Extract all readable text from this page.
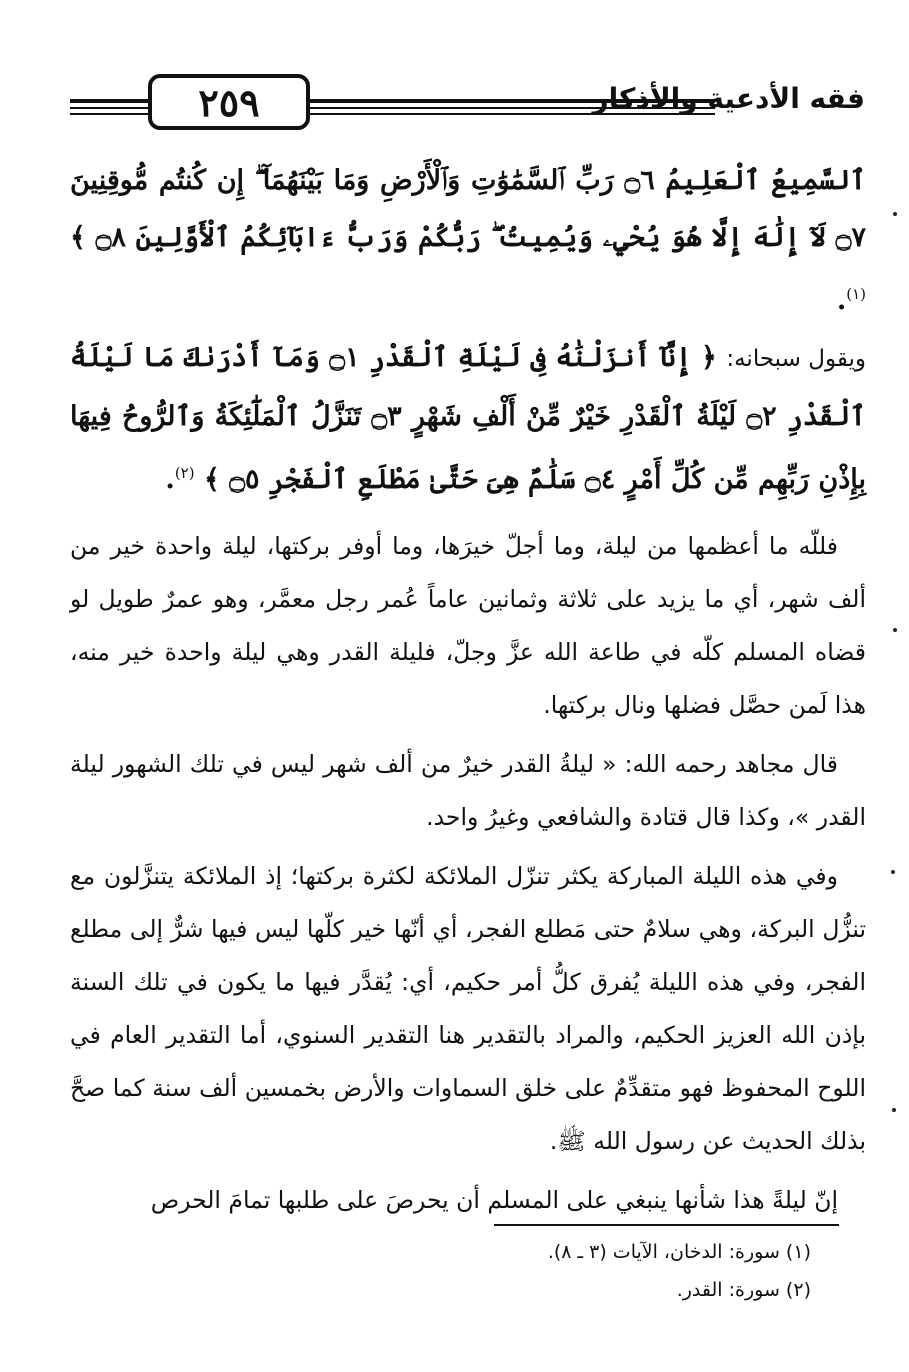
٢٥٩	فقه الأدعية والأذكار

ٱلسَّمِيعُ ٱلْعَلِيمُ ۝٦ رَبِّ ٱلسَّمَٰوَٰتِ وَٱلْأَرْضِ وَمَا بَيْنَهُمَآ ۖ إِن كُنتُم مُّوقِنِينَ ۝٧ لَآ إِلَٰهَ إِلَّا هُوَ يُحْيِۦ وَيُمِيتُ ۖ رَبُّكُمْ وَرَبُّ ءَابَآئِكُمُ ٱلْأَوَّلِينَ ۝٨ ﴾ $^{(١)}$.

ويقول سبحانه: ﴿ إِنَّآ أَنزَلْنَٰهُ فِى لَيْلَةِ ٱلْقَدْرِ ۝١ وَمَآ أَدْرَىٰكَ مَا لَيْلَةُ ٱلْقَدْرِ ۝٢ لَيْلَةُ ٱلْقَدْرِ خَيْرٌ مِّنْ أَلْفِ شَهْرٍ ۝٣ تَنَزَّلُ ٱلْمَلَٰٓئِكَةُ وَٱلرُّوحُ فِيهَا بِإِذْنِ رَبِّهِم مِّن كُلِّ أَمْرٍ ۝٤ سَلَٰمٌ هِىَ حَتَّىٰ مَطْلَعِ ٱلْفَجْرِ ۝٥ ﴾ $^{(٢)}$.

فللّه ما أعظمها من ليلة، وما أجلّ خيرَها، وما أوفر بركتها، ليلة واحدة خير من ألف شهر، أي ما يزيد على ثلاثة وثمانين عاماً عُمر رجل معمَّر، وهو عمرٌ طويل لو قضاه المسلم كلّه في طاعة الله عزَّ وجلّ، فليلة القدر وهي ليلة واحدة خير منه، هذا لَمن حصَّل فضلها ونال بركتها.

قال مجاهد رحمه الله: « ليلةُ القدر خيرٌ من ألف شهر ليس في تلك الشهور ليلة القدر »، وكذا قال قتادة والشافعي وغيرُ واحد.

وفي هذه الليلة المباركة يكثر تنزّل الملائكة لكثرة بركتها؛ إذ الملائكة يتنزَّلون مع تنزُّل البركة، وهي سلامٌ حتى مَطلع الفجر، أي أنّها خير كلّها ليس فيها شرٌّ إلى مطلع الفجر، وفي هذه الليلة يُفرق كلُّ أمر حكيم، أي: يُقدَّر فيها ما يكون في تلك السنة بإذن الله العزيز الحكيم، والمراد بالتقدير هنا التقدير السنوي، أما التقدير العام في اللوح المحفوظ فهو متقدِّمٌ على خلق السماوات والأرض بخمسين ألف سنة كما صحَّ بذلك الحديث عن رسول الله ﷺ.

إنّ ليلةً هذا شأنها ينبغي على المسلم أن يحرصَ على طلبها تمامَ الحرص

(١) سورة: الدخان، الآيات (٣ ـ ٨).

(٢) سورة: القدر.
